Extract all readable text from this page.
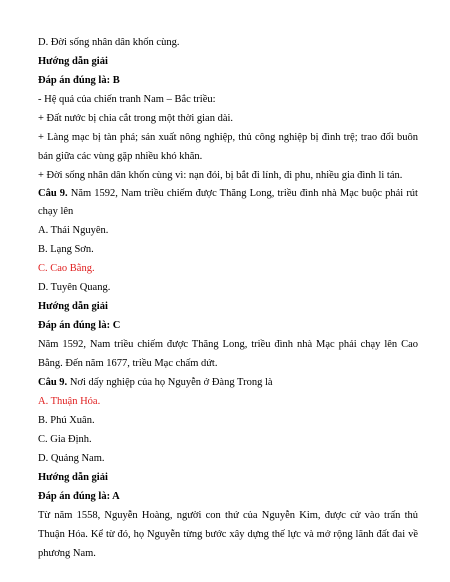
D. Đời sống nhân dân khốn cùng.
Hướng dẫn giải
Đáp án đúng là: B
- Hệ quả của chiến tranh Nam – Bắc triều:
+ Đất nước bị chia cắt trong một thời gian dài.
+ Làng mạc bị tàn phá; sản xuất nông nghiệp, thủ công nghiệp bị đình trệ; trao đổi buôn
bán giữa các vùng gặp nhiều khó khăn.
+ Đời sống nhân dân khốn cùng vì: nạn đói, bị bắt đi lính, đi phu, nhiều gia đình li tán.
Câu 9. Năm 1592, Nam triều chiếm được Thăng Long, triều đình nhà Mạc buộc phải rút
chạy lên
A. Thái Nguyên.
B. Lạng Sơn.
C. Cao Bằng.
D. Tuyên Quang.
Hướng dẫn giải
Đáp án đúng là: C
Năm 1592, Nam triều chiếm được Thăng Long, triều đình nhà Mạc phải chạy lên Cao
Bằng. Đến năm 1677, triều Mạc chấm dứt.
Câu 9. Nơi dấy nghiệp của họ Nguyễn ở Đàng Trong là
A. Thuận Hóa.
B. Phú Xuân.
C. Gia Định.
D. Quảng Nam.
Hướng dẫn giải
Đáp án đúng là: A
Từ năm 1558, Nguyễn Hoàng, người con thứ của Nguyễn Kim, được cử vào trấn thủ
Thuận Hóa. Kể từ đó, họ Nguyễn từng bước xây dựng thế lực và mở rộng lãnh đất đai về
phương Nam.
